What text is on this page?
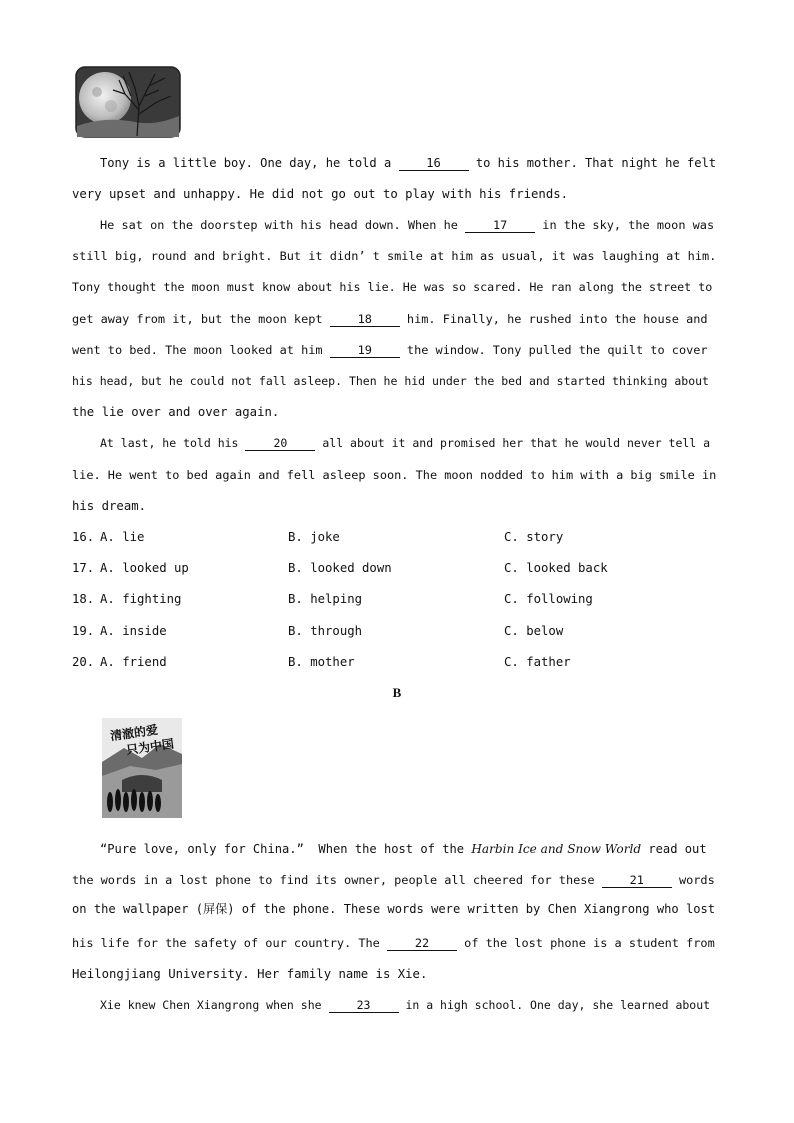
Tony is a little boy. One day, he told a	16	to his mother. That night he felt
very upset and unhappy. He did not go out to play with his friends.
He sat on the doorstep with his head down. When he	17	in the sky, the moon was
still big, round and bright. But it didn’ t smile at him as usual, it was laughing at him.
Tony thought the moon must know about his lie. He was so scared. He ran along the street to
get away from it, but the moon kept	18	him. Finally, he rushed into the house and
went to bed. The moon looked at him	19	the window. Tony pulled the quilt to cover
his head, but he could not fall asleep. Then he hid under the bed and started thinking about
the lie over and over again.
At last, he told his	20	all about it and promised her that he would never tell a
lie. He went to bed again and fell asleep soon. The moon nodded to him with a big smile in
his dream.
16. A. lie	B. joke	C. story
17. A. looked up	B. looked down	C. looked back
18. A. fighting	B. helping	C. following
19. A. inside	B. through	C. below
20. A. friend	B. mother	C. father
B
清澈的爱
只为中国
“Pure love, only for China.”  When the host of the Harbin Ice and Snow World read out
the words in a lost phone to find its owner, people all cheered for these	21	words
on the wallpaper (屏保) of the phone. These words were written by Chen Xiangrong who lost
his life for the safety of our country. The	22	of the lost phone is a student from
Heilongjiang University. Her family name is Xie.
Xie knew Chen Xiangrong when she	23	in a high school. One day, she learned about
